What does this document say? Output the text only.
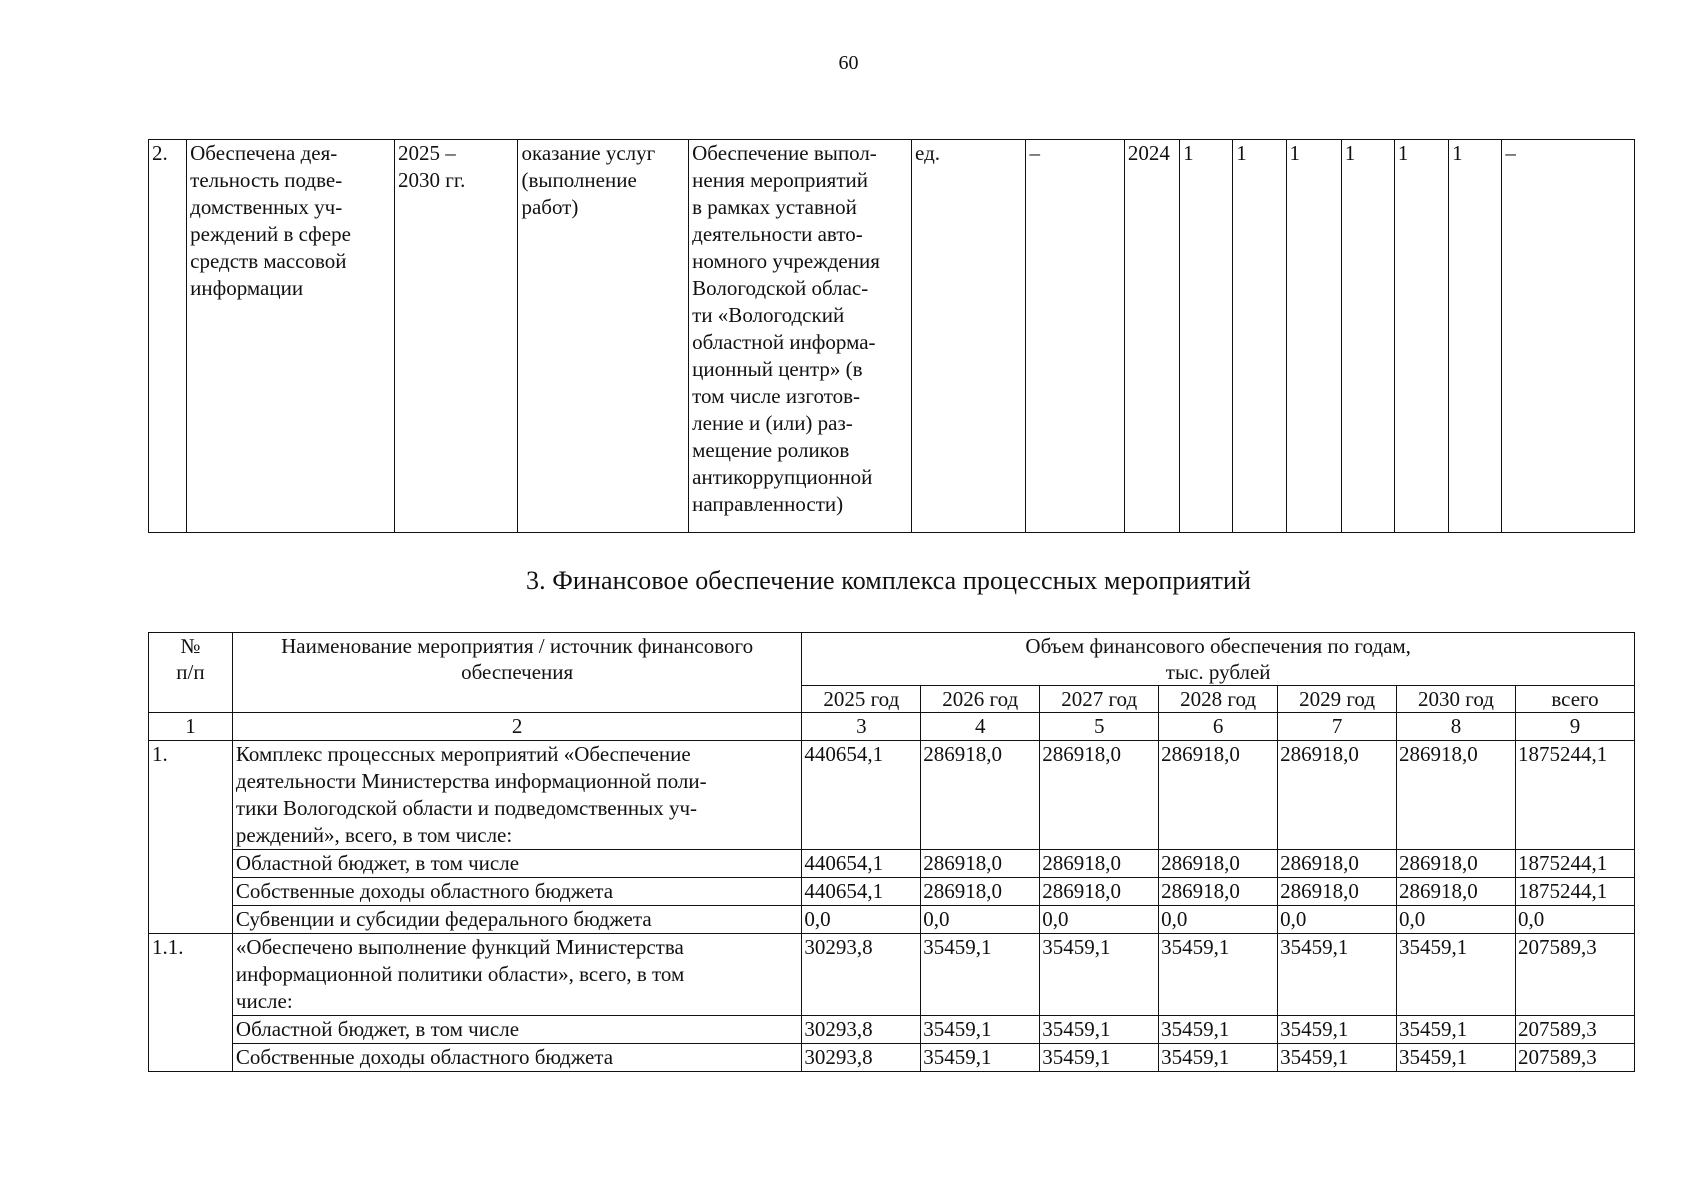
60
2.	Обеспечена дея-
тельность подве-
домственных уч-
реждений в сфере
средств массовой
информации	2025 –
2030 гг.	оказание услуг
(выполнение
работ)	Обеспечение выпол-
нения мероприятий
в рамках уставной
деятельности авто-
номного учреждения
Вологодской облас-
ти «Вологодский
областной информа-
ционный центр» (в
том числе изготов-
ление и (или) раз-
мещение роликов
антикоррупционной
направленности)	ед.	–	2024	1	1	1	1	1	1	–
3. Финансовое обеспечение комплекса процессных мероприятий
№
п/п	Наименование мероприятия / источник финансового
обеспечения	Объем финансового обеспечения по годам,
тыс. рублей						
		2025 год	2026 год	2027 год	2028 год	2029 год	2030 год	всего
1	2	3	4	5	6	7	8	9
1.	Комплекс процессных мероприятий «Обеспечение
деятельности Министерства информационной поли-
тики Вологодской области и подведомственных уч-
реждений», всего, в том числе:	440654,1	286918,0	286918,0	286918,0	286918,0	286918,0	1875244,1
	Областной бюджет, в том числе	440654,1	286918,0	286918,0	286918,0	286918,0	286918,0	1875244,1
	Собственные доходы областного бюджета	440654,1	286918,0	286918,0	286918,0	286918,0	286918,0	1875244,1
	Субвенции и субсидии федерального бюджета	0,0	0,0	0,0	0,0	0,0	0,0	0,0
1.1.	«Обеспечено выполнение функций Министерства
информационной политики области», всего, в том
числе:	30293,8	35459,1	35459,1	35459,1	35459,1	35459,1	207589,3
	Областной бюджет, в том числе	30293,8	35459,1	35459,1	35459,1	35459,1	35459,1	207589,3
	Собственные доходы областного бюджета	30293,8	35459,1	35459,1	35459,1	35459,1	35459,1	207589,3
